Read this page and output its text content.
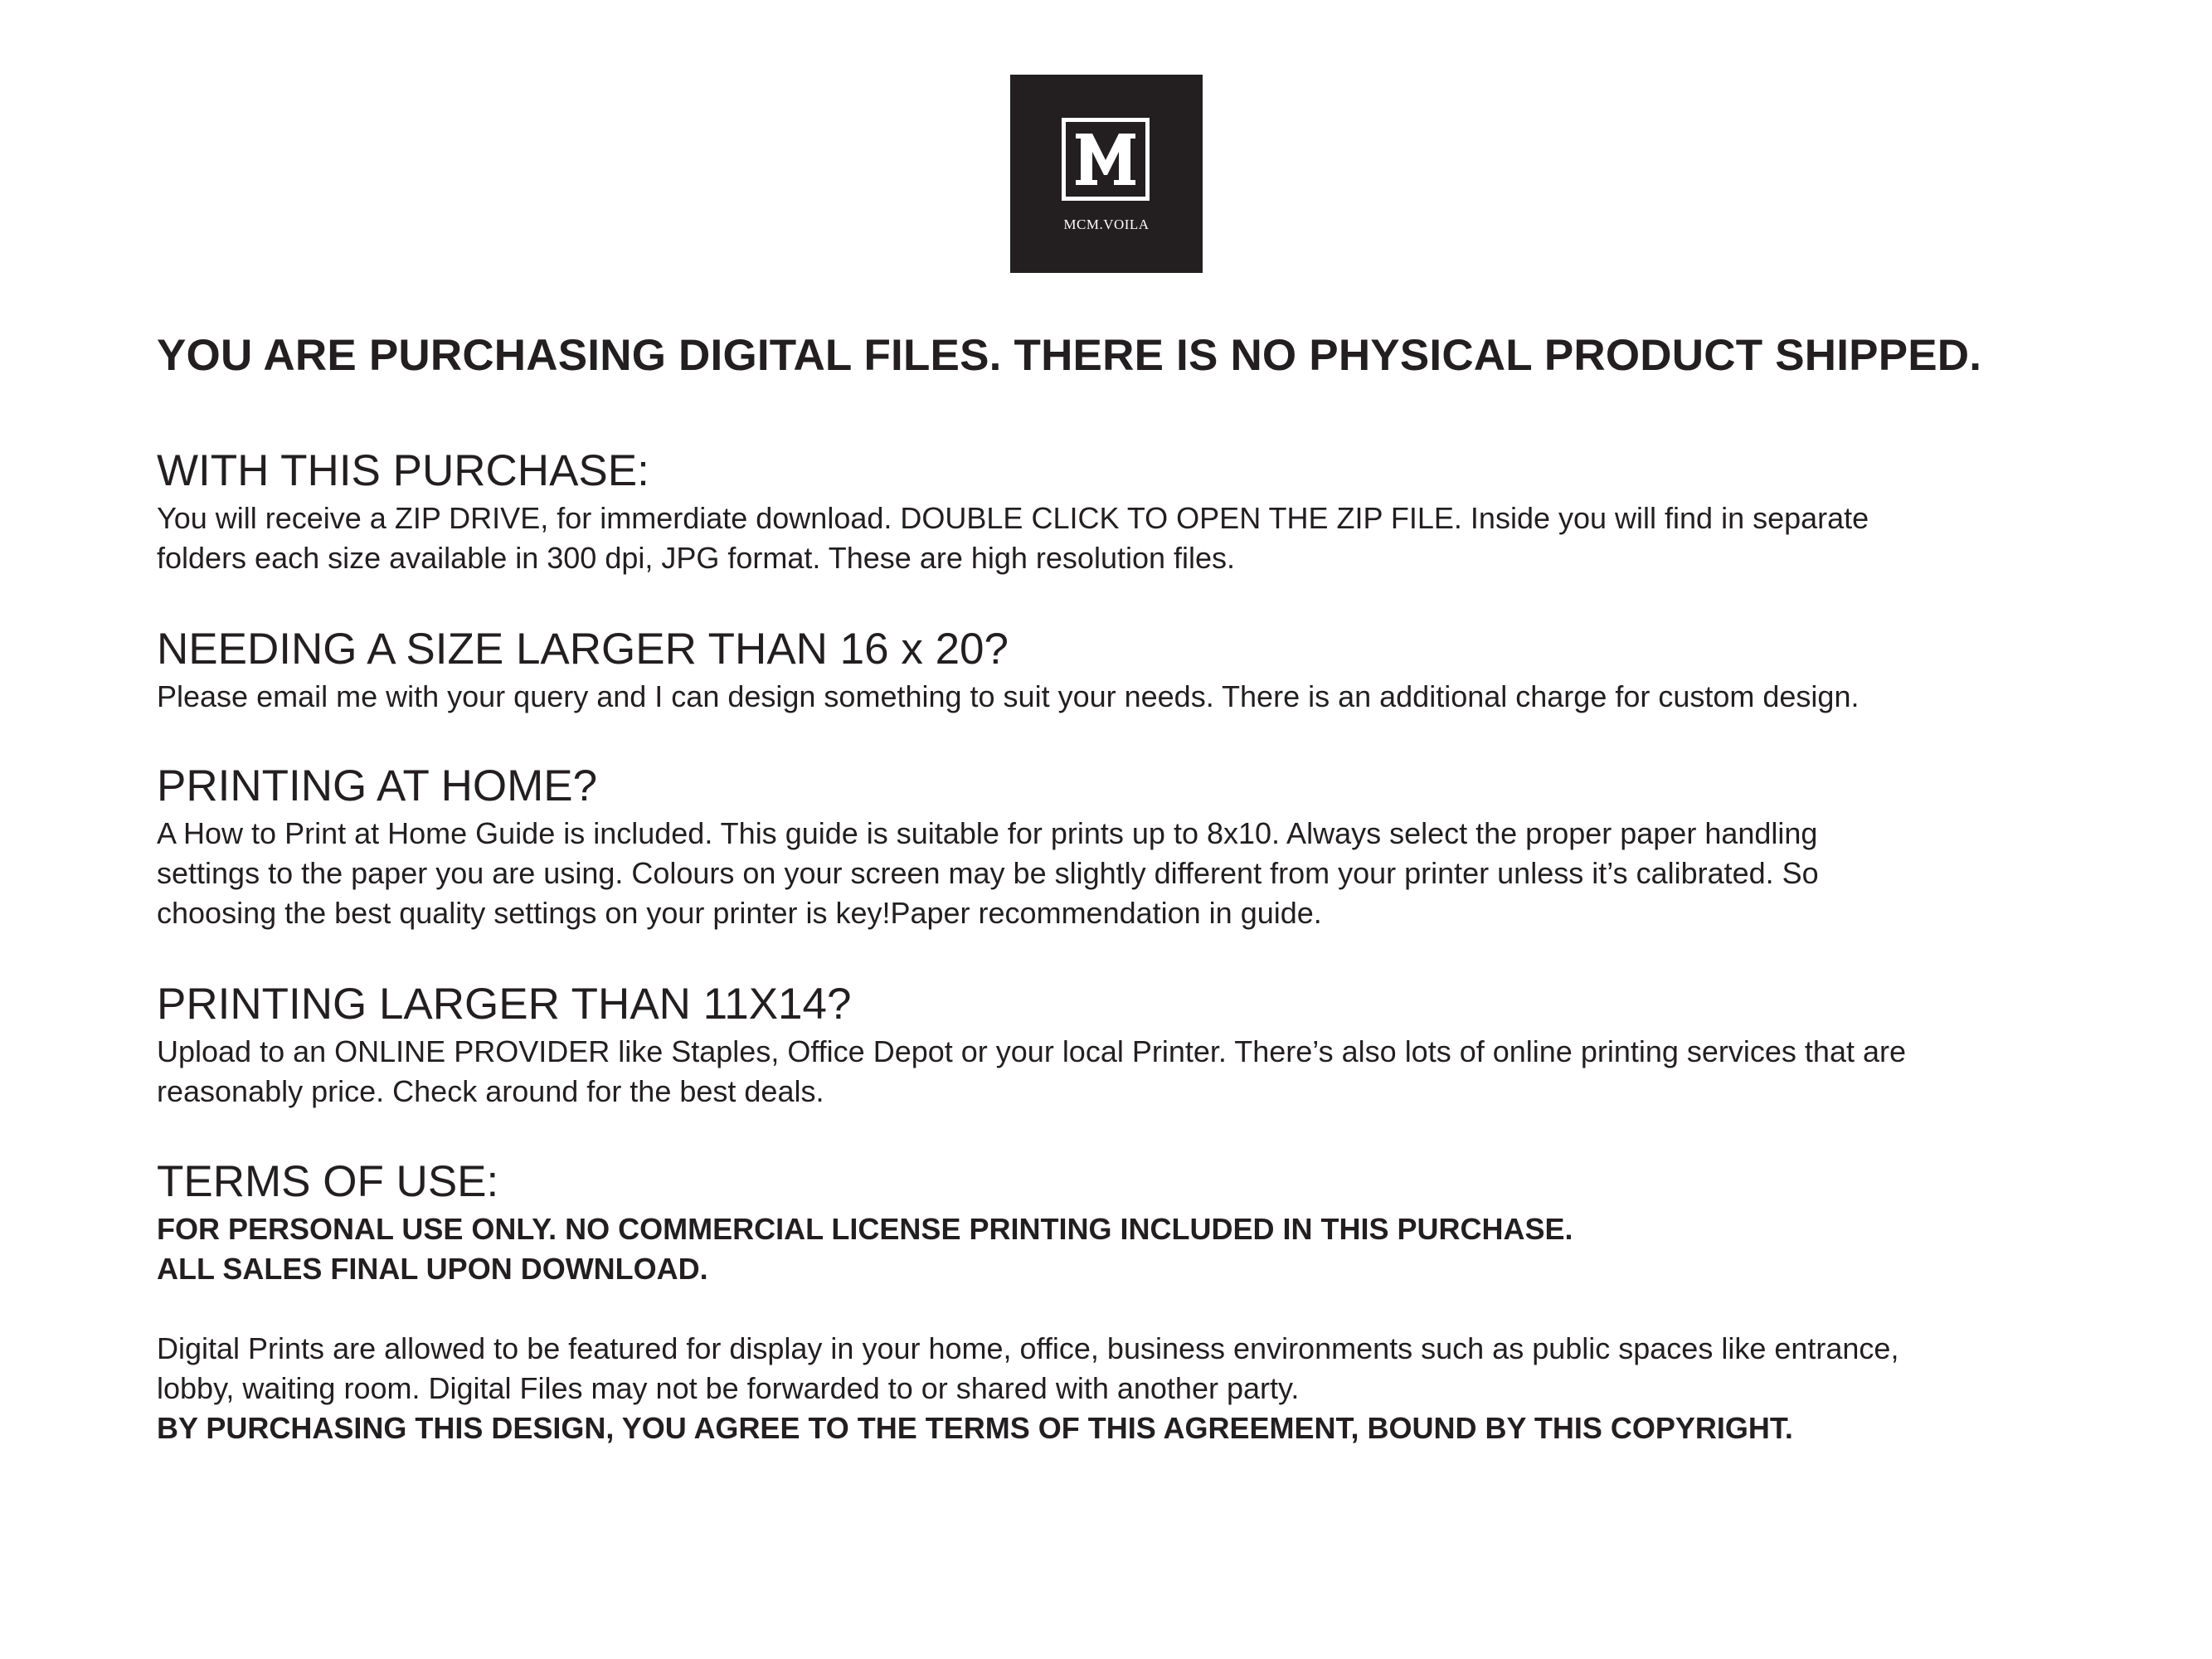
MCM.VOILA
YOU ARE PURCHASING DIGITAL FILES. THERE IS NO PHYSICAL PRODUCT SHIPPED.
WITH THIS PURCHASE:
You will receive a ZIP DRIVE, for immerdiate download. DOUBLE CLICK TO OPEN THE ZIP FILE. Inside you will find in separate
folders each size available in 300 dpi, JPG format. These are high resolution files.
NEEDING A SIZE LARGER THAN 16 x 20?
Please email me with your query and I can design something to suit your needs. There is an additional charge for custom design.
PRINTING AT HOME?
A How to Print at Home Guide is included. This guide is suitable for prints up to 8x10. Always select the proper paper handling
settings to the paper you are using. Colours on your screen may be slightly different from your printer unless it’s calibrated. So
choosing the best quality settings on your printer is key!Paper recommendation in guide.
PRINTING LARGER THAN 11X14?
Upload to an ONLINE PROVIDER like Staples, Office Depot or your local Printer. There’s also lots of online printing services that are
reasonably price. Check around for the best deals.
TERMS OF USE:
FOR PERSONAL USE ONLY. NO COMMERCIAL LICENSE PRINTING INCLUDED IN THIS PURCHASE.
ALL SALES FINAL UPON DOWNLOAD.
Digital Prints are allowed to be featured for display in your home, office, business environments such as public spaces like entrance,
lobby, waiting room. Digital Files may not be forwarded to or shared with another party.
BY PURCHASING THIS DESIGN, YOU AGREE TO THE TERMS OF THIS AGREEMENT, BOUND BY THIS COPYRIGHT.
